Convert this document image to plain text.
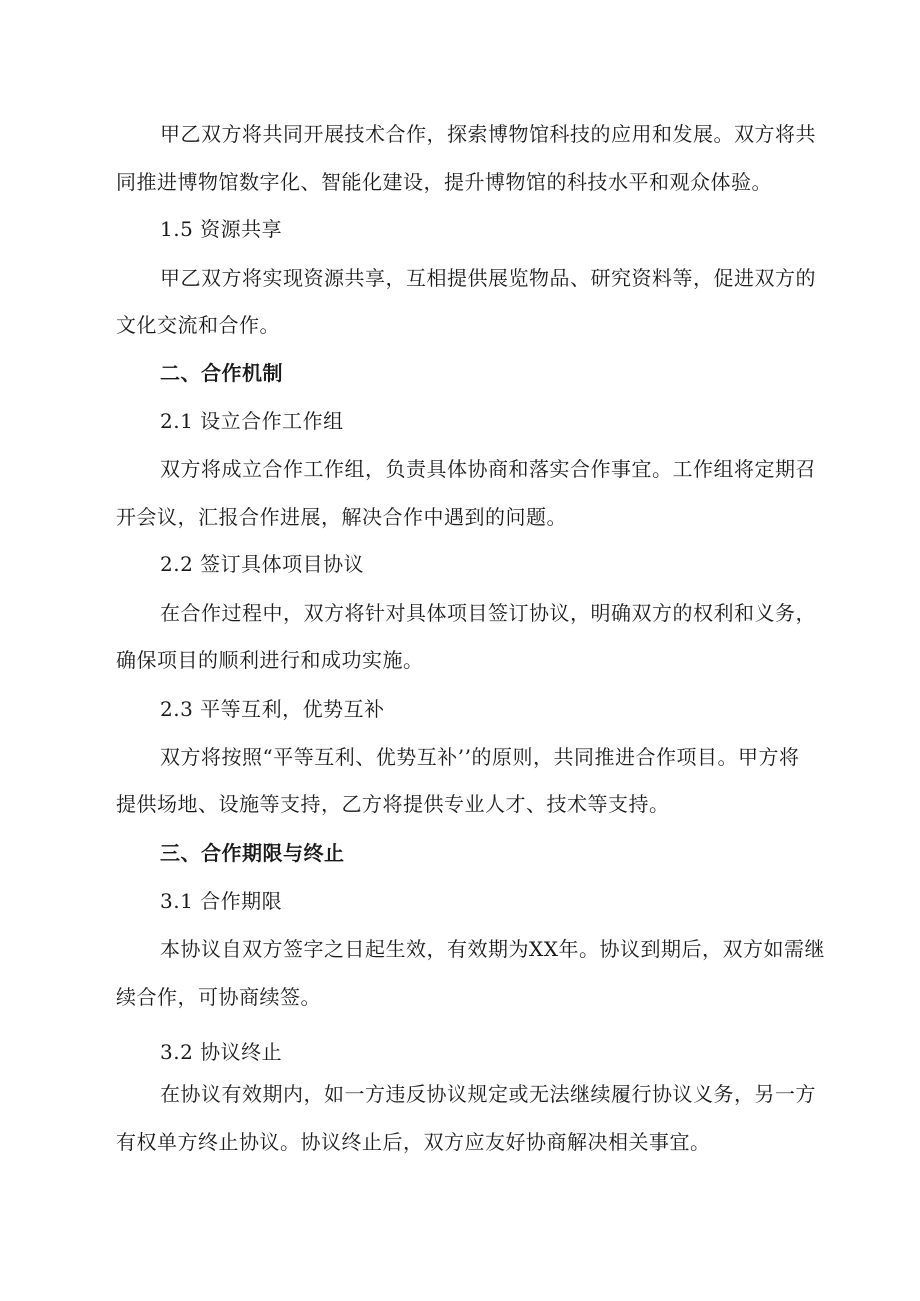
甲乙双方将共同开展技术合作，探索博物馆科技的应用和发展。双方将共
同推进博物馆数字化、智能化建设，提升博物馆的科技水平和观众体验。
1.5 资源共享
甲乙双方将实现资源共享，互相提供展览物品、研究资料等，促进双方的
文化交流和合作。
二、合作机制
2.1 设立合作工作组
双方将成立合作工作组，负责具体协商和落实合作事宜。工作组将定期召
开会议，汇报合作进展，解决合作中遇到的问题。
2.2 签订具体项目协议
在合作过程中，双方将针对具体项目签订协议，明确双方的权利和义务，
确保项目的顺利进行和成功实施。
2.3 平等互利，优势互补
双方将按照“平等互利、优势互补’’的原则，共同推进合作项目。甲方将
提供场地、设施等支持，乙方将提供专业人才、技术等支持。
三、合作期限与终止
3.1 合作期限
本协议自双方签字之日起生效，有效期为XX年。协议到期后，双方如需继
续合作，可协商续签。
3.2 协议终止
在协议有效期内，如一方违反协议规定或无法继续履行协议义务，另一方
有权单方终止协议。协议终止后，双方应友好协商解决相关事宜。
